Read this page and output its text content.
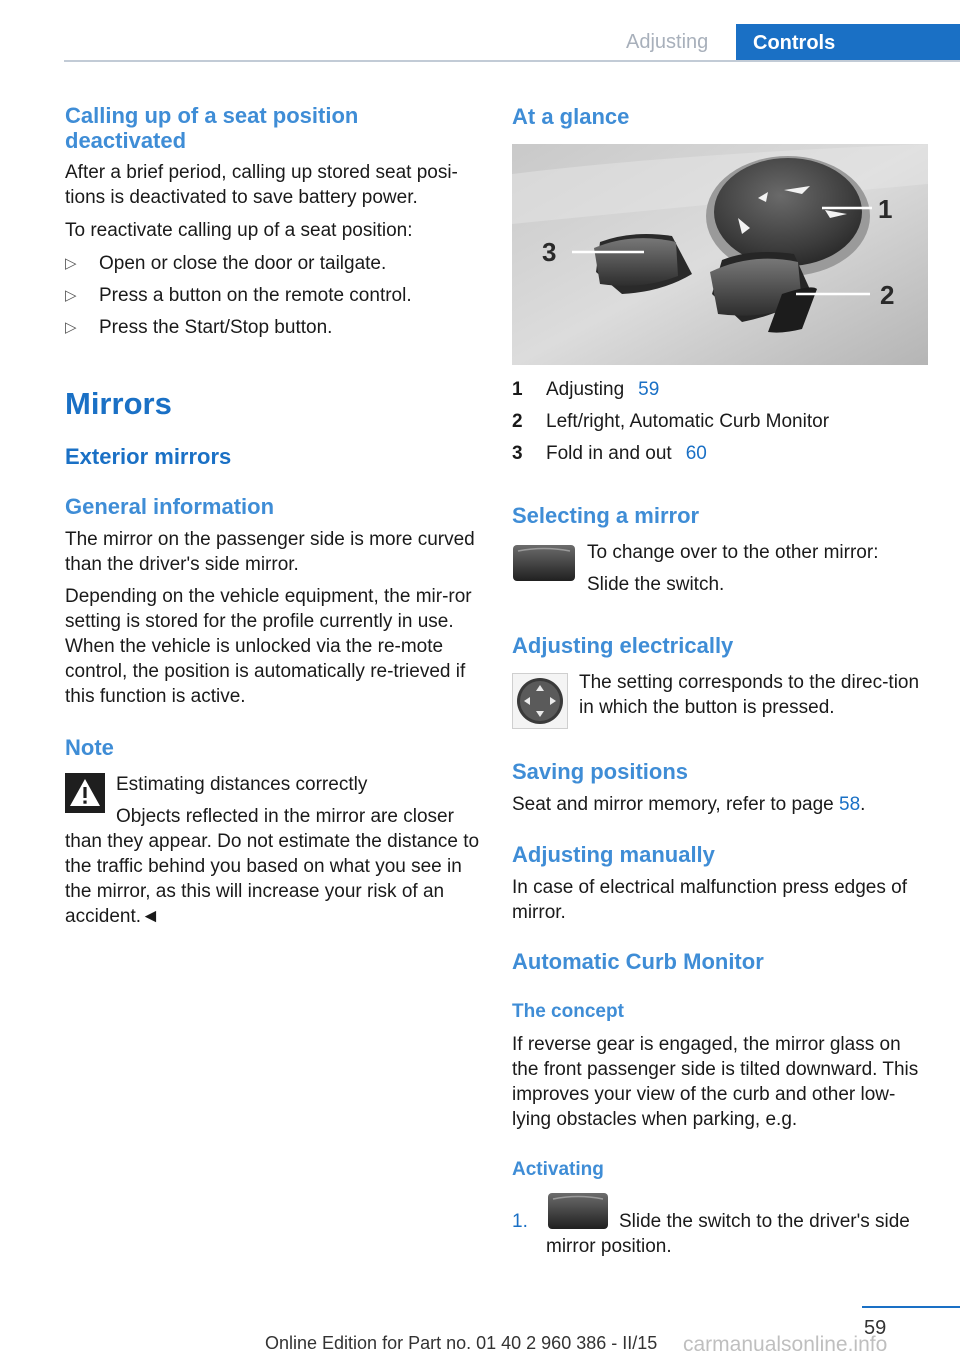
Adjusting	Controls
Calling up of a seat position deactivated
After a brief period, calling up stored seat posi-tions is deactivated to save battery power.
To reactivate calling up of a seat position:
▷ Open or close the door or tailgate.
▷ Press a button on the remote control.
▷ Press the Start/Stop button.
Mirrors
Exterior mirrors
General information
The mirror on the passenger side is more curved than the driver's side mirror.
Depending on the vehicle equipment, the mir-ror setting is stored for the profile currently in use. When the vehicle is unlocked via the re-mote control, the position is automatically re-trieved if this function is active.
Note
Estimating distances correctly
Objects reflected in the mirror are closer than they appear. Do not estimate the distance to the traffic behind you based on what you see in the mirror, as this will increase your risk of an accident.◄
At a glance
3
1
2
1 Adjusting 59
2 Left/right, Automatic Curb Monitor
3 Fold in and out 60
Selecting a mirror
To change over to the other mirror:
Slide the switch.
Adjusting electrically
The setting corresponds to the direc-tion in which the button is pressed.
Saving positions
Seat and mirror memory, refer to page 58.
Adjusting manually
In case of electrical malfunction press edges of mirror.
Automatic Curb Monitor
The concept
If reverse gear is engaged, the mirror glass on the front passenger side is tilted downward. This improves your view of the curb and other low-lying obstacles when parking, e.g.
Activating
1.	Slide the switch to the driver's side mirror position.
59
Online Edition for Part no. 01 40 2 960 386 - II/15 carmanualsonline.info
